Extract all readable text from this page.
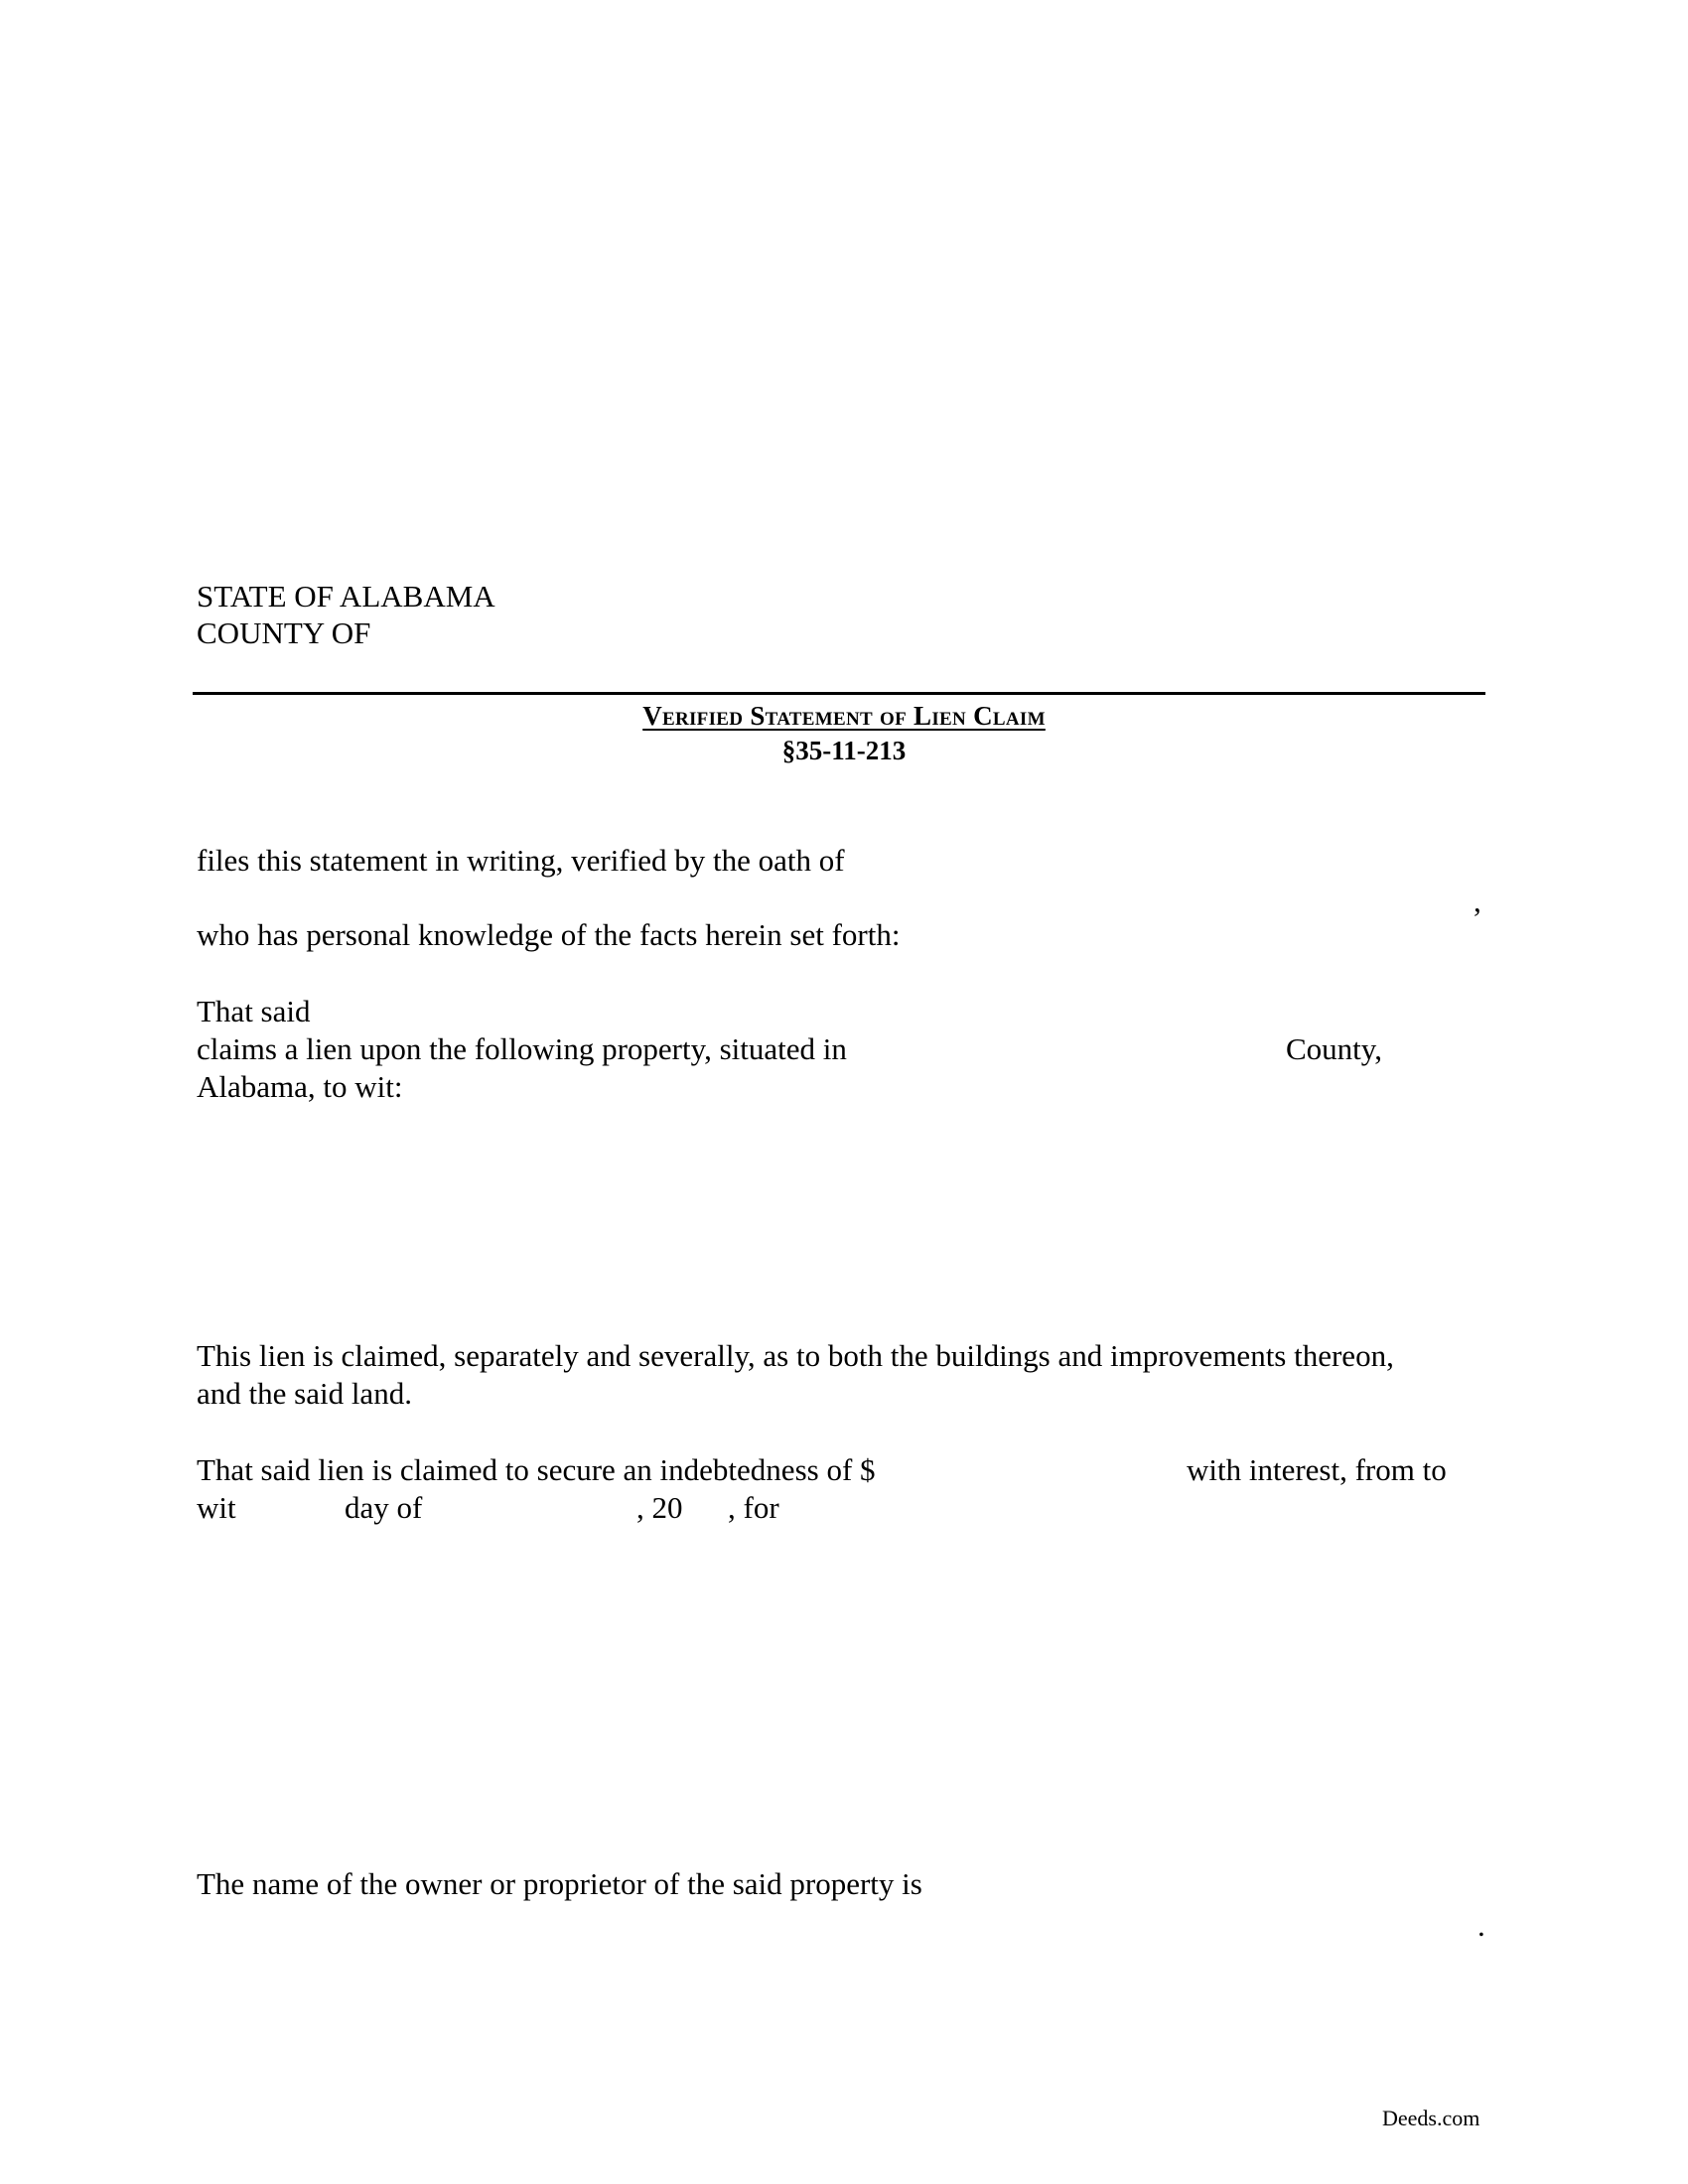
STATE OF ALABAMA

COUNTY OF

Verified Statement of Lien Claim
§35-11-213

files this statement in writing, verified by the oath of

,

who has personal knowledge of the facts herein set forth:

That said

claims a lien upon the following property, situated in	County,

Alabama, to wit:

This lien is claimed, separately and severally, as to both the buildings and improvements thereon,

and the said land.

That said lien is claimed to secure an indebtedness of $	with interest, from to

wit	day of	, 20 , for

The name of the owner or proprietor of the said property is

.

Deeds.com
